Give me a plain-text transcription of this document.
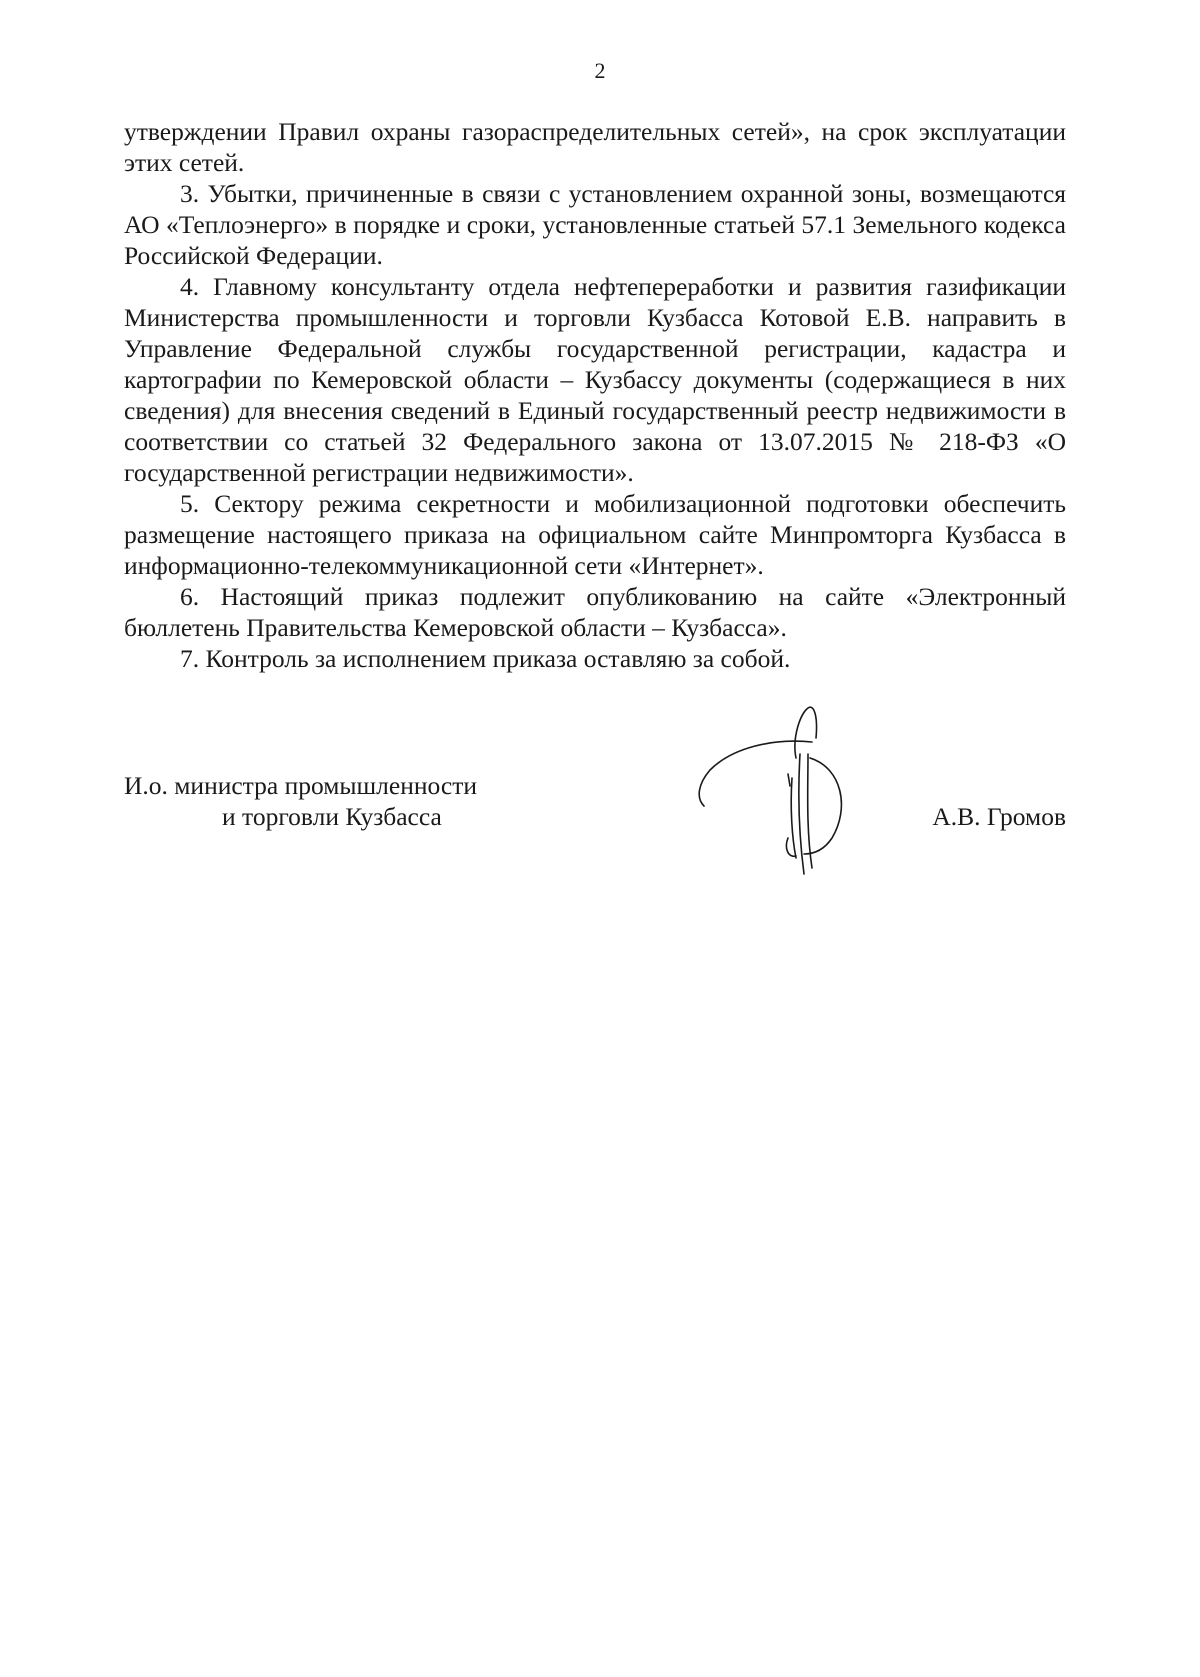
2

утверждении Правил охраны газораспределительных сетей», на срок эксплуатации этих сетей.

3. Убытки, причиненные в связи с установлением охранной зоны, возмещаются АО «Теплоэнерго» в порядке и сроки, установленные статьей 57.1 Земельного кодекса Российской Федерации.

4. Главному консультанту отдела нефтепереработки и развития газификации Министерства промышленности и торговли Кузбасса Котовой Е.В. направить в Управление Федеральной службы государственной регистрации, кадастра и картографии по Кемеровской области – Кузбассу документы (содержащиеся в них сведения) для внесения сведений в Единый государственный реестр недвижимости в соответствии со статьей 32 Федерального закона от 13.07.2015 № 218-ФЗ «О государственной регистрации недвижимости».

5. Сектору режима секретности и мобилизационной подготовки обеспечить размещение настоящего приказа на официальном сайте Минпромторга Кузбасса в информационно-телекоммуникационной сети «Интернет».

6. Настоящий приказ подлежит опубликованию на сайте «Электронный бюллетень Правительства Кемеровской области – Кузбасса».

7. Контроль за исполнением приказа оставляю за собой.

И.о. министра промышленности
и торговли Кузбасса	А.В. Громов
